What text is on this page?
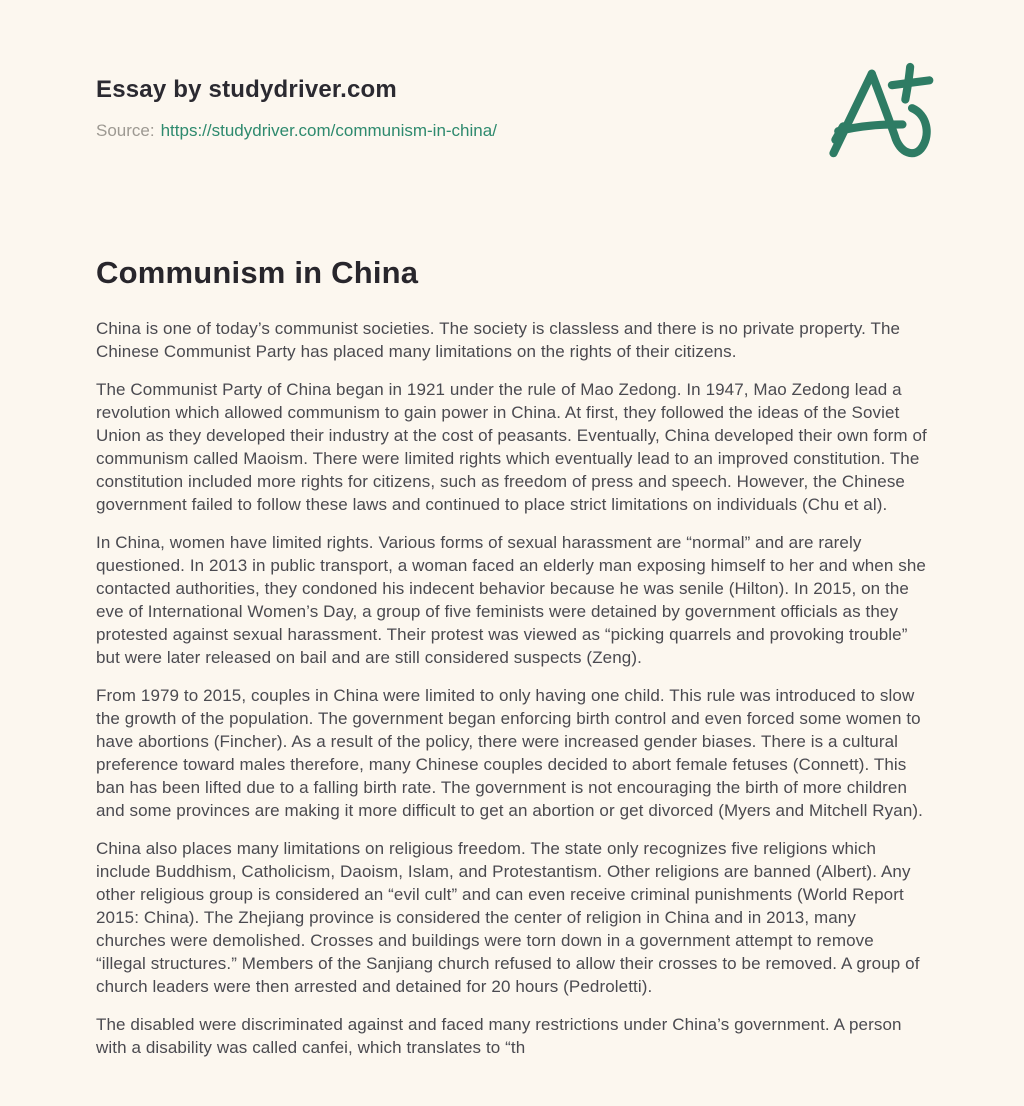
Essay by studydriver.com
Source: https://studydriver.com/communism-in-china/
Communism in China

China is one of today’s communist societies. The society is classless and there is no private property. The Chinese Communist Party has placed many limitations on the rights of their citizens.

The Communist Party of China began in 1921 under the rule of Mao Zedong. In 1947, Mao Zedong lead a revolution which allowed communism to gain power in China. At first, they followed the ideas of the Soviet Union as they developed their industry at the cost of peasants. Eventually, China developed their own form of communism called Maoism. There were limited rights which eventually lead to an improved constitution. The constitution included more rights for citizens, such as freedom of press and speech. However, the Chinese government failed to follow these laws and continued to place strict limitations on individuals (Chu et al).

In China, women have limited rights. Various forms of sexual harassment are “normal” and are rarely questioned. In 2013 in public transport, a woman faced an elderly man exposing himself to her and when she contacted authorities, they condoned his indecent behavior because he was senile (Hilton). In 2015, on the eve of International Women’s Day, a group of five feminists were detained by government officials as they protested against sexual harassment. Their protest was viewed as “picking quarrels and provoking trouble” but were later released on bail and are still considered suspects (Zeng).

From 1979 to 2015, couples in China were limited to only having one child. This rule was introduced to slow the growth of the population. The government began enforcing birth control and even forced some women to have abortions (Fincher). As a result of the policy, there were increased gender biases. There is a cultural preference toward males therefore, many Chinese couples decided to abort female fetuses (Connett). This ban has been lifted due to a falling birth rate. The government is not encouraging the birth of more children and some provinces are making it more difficult to get an abortion or get divorced (Myers and Mitchell Ryan).

China also places many limitations on religious freedom. The state only recognizes five religions which include Buddhism, Catholicism, Daoism, Islam, and Protestantism. Other religions are banned (Albert). Any other religious group is considered an “evil cult” and can even receive criminal punishments (World Report 2015: China). The Zhejiang province is considered the center of religion in China and in 2013, many churches were demolished. Crosses and buildings were torn down in a government attempt to remove “illegal structures.” Members of the Sanjiang church refused to allow their crosses to be removed. A group of church leaders were then arrested and detained for 20 hours (Pedroletti).

The disabled were discriminated against and faced many restrictions under China’s government. A person with a disability was called canfei, which translates to “th
